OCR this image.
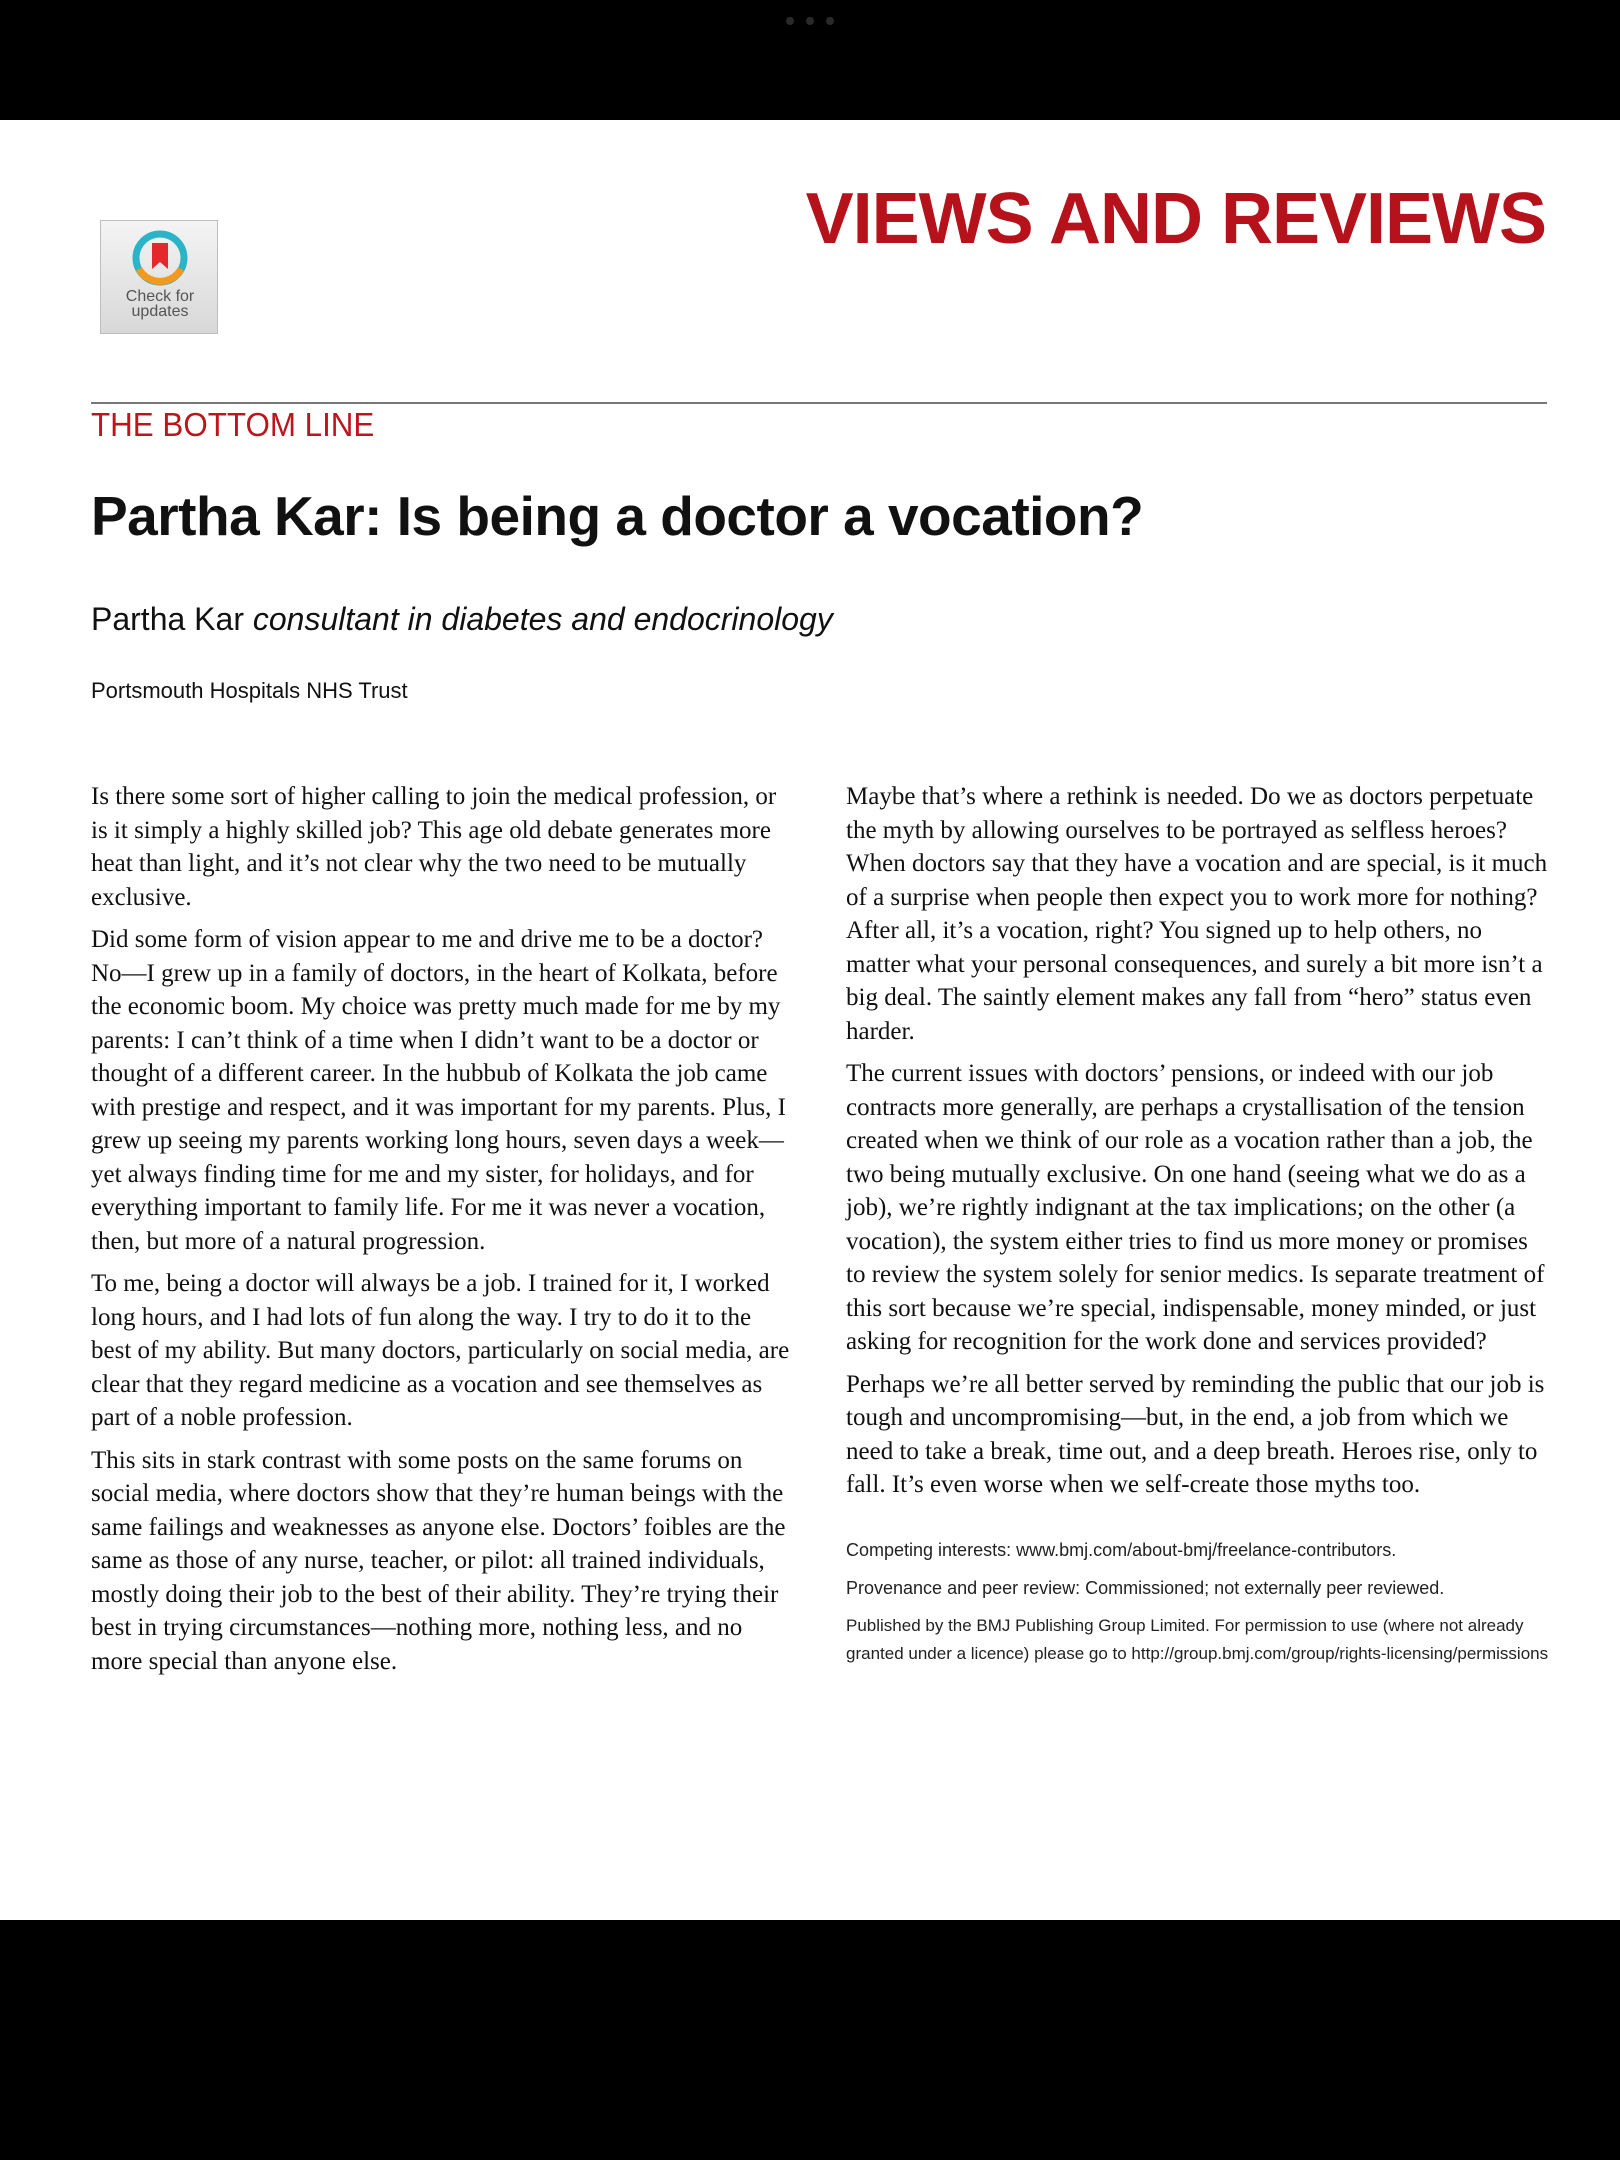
VIEWS AND REVIEWS
Check for
updates
THE BOTTOM LINE
Partha Kar: Is being a doctor a vocation?
Partha Kar consultant in diabetes and endocrinology
Portsmouth Hospitals NHS Trust

Is there some sort of higher calling to join the medical profession, or is it simply a highly skilled job? This age old debate generates more heat than light, and it’s not clear why the two need to be mutually exclusive.

Did some form of vision appear to me and drive me to be a doctor? No—I grew up in a family of doctors, in the heart of Kolkata, before the economic boom. My choice was pretty much made for me by my parents: I can’t think of a time when I didn’t want to be a doctor or thought of a different career. In the hubbub of Kolkata the job came with prestige and respect, and it was important for my parents. Plus, I grew up seeing my parents working long hours, seven days a week—yet always finding time for me and my sister, for holidays, and for everything important to family life. For me it was never a vocation, then, but more of a natural progression.

To me, being a doctor will always be a job. I trained for it, I worked long hours, and I had lots of fun along the way. I try to do it to the best of my ability. But many doctors, particularly on social media, are clear that they regard medicine as a vocation and see themselves as part of a noble profession.

This sits in stark contrast with some posts on the same forums on social media, where doctors show that they’re human beings with the same failings and weaknesses as anyone else. Doctors’ foibles are the same as those of any nurse, teacher, or pilot: all trained individuals, mostly doing their job to the best of their ability. They’re trying their best in trying circumstances—nothing more, nothing less, and no more special than anyone else.

Maybe that’s where a rethink is needed. Do we as doctors perpetuate the myth by allowing ourselves to be portrayed as selfless heroes? When doctors say that they have a vocation and are special, is it much of a surprise when people then expect you to work more for nothing? After all, it’s a vocation, right? You signed up to help others, no matter what your personal consequences, and surely a bit more isn’t a big deal. The saintly element makes any fall from “hero” status even harder.

The current issues with doctors’ pensions, or indeed with our job contracts more generally, are perhaps a crystallisation of the tension created when we think of our role as a vocation rather than a job, the two being mutually exclusive. On one hand (seeing what we do as a job), we’re rightly indignant at the tax implications; on the other (a vocation), the system either tries to find us more money or promises to review the system solely for senior medics. Is separate treatment of this sort because we’re special, indispensable, money minded, or just asking for recognition for the work done and services provided?

Perhaps we’re all better served by reminding the public that our job is tough and uncompromising—but, in the end, a job from which we need to take a break, time out, and a deep breath. Heroes rise, only to fall. It’s even worse when we self-create those myths too.

Competing interests: www.bmj.com/about-bmj/freelance-contributors.

Provenance and peer review: Commissioned; not externally peer reviewed.

Published by the BMJ Publishing Group Limited. For permission to use (where not already granted under a licence) please go to http://group.bmj.com/group/rights-licensing/permissions
